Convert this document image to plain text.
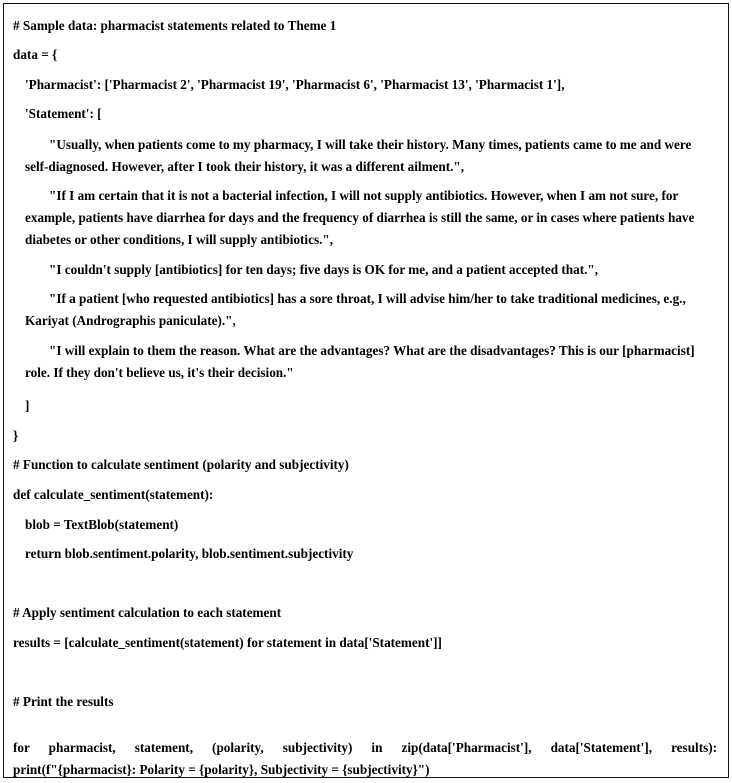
# Sample data: pharmacist statements related to Theme 1
data = {
'Pharmacist': ['Pharmacist 2', 'Pharmacist 19', 'Pharmacist 6', 'Pharmacist 13', 'Pharmacist 1'],
'Statement': [
"Usually, when patients come to my pharmacy, I will take their history. Many times, patients came to me and were self-diagnosed. However, after I took their history, it was a different ailment.",
"If I am certain that it is not a bacterial infection, I will not supply antibiotics. However, when I am not sure, for example, patients have diarrhea for days and the frequency of diarrhea is still the same, or in cases where patients have diabetes or other conditions, I will supply antibiotics.",
"I couldn't supply [antibiotics] for ten days; five days is OK for me, and a patient accepted that.",
"If a patient [who requested antibiotics] has a sore throat, I will advise him/her to take traditional medicines, e.g., Kariyat (Andrographis paniculate).",
"I will explain to them the reason. What are the advantages? What are the disadvantages? This is our [pharmacist] role. If they don't believe us, it's their decision."
]
}
# Function to calculate sentiment (polarity and subjectivity)
def calculate_sentiment(statement):
blob = TextBlob(statement)
return blob.sentiment.polarity, blob.sentiment.subjectivity
# Apply sentiment calculation to each statement
results = [calculate_sentiment(statement) for statement in data['Statement']]
# Print the results
for pharmacist, statement, (polarity, subjectivity) in zip(data['Pharmacist'], data['Statement'], results):
print(f"{pharmacist}: Polarity = {polarity}, Subjectivity = {subjectivity}")
